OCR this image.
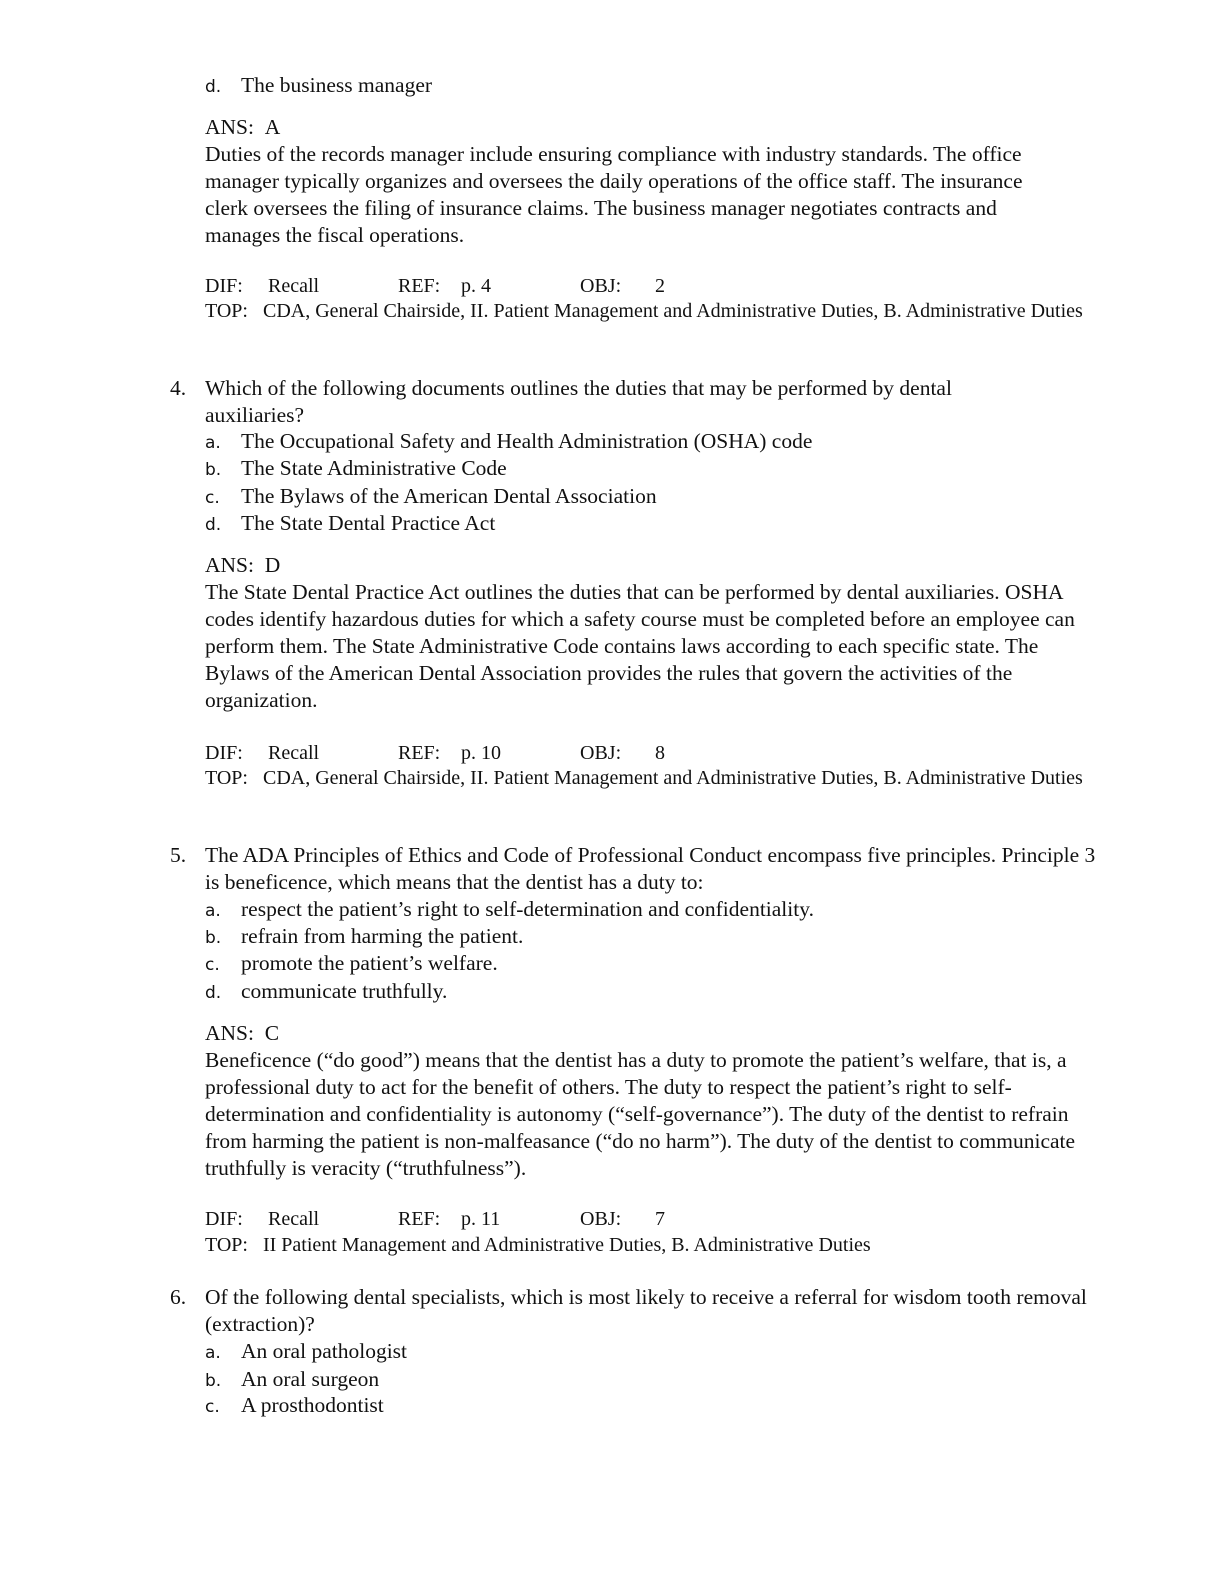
d. The business manager
ANS: A
Duties of the records manager include ensuring compliance with industry standards. The office manager typically organizes and oversees the daily operations of the office staff. The insurance clerk oversees the filing of insurance claims. The business manager negotiates contracts and manages the fiscal operations.
DIF: Recall	REF: p. 4	OBJ: 2
TOP:   CDA, General Chairside, II. Patient Management and Administrative Duties, B. Administrative Duties
4. Which of the following documents outlines the duties that may be performed by dental auxiliaries?
a. The Occupational Safety and Health Administration (OSHA) code
b. The State Administrative Code
c. The Bylaws of the American Dental Association
d. The State Dental Practice Act
ANS: D
The State Dental Practice Act outlines the duties that can be performed by dental auxiliaries. OSHA codes identify hazardous duties for which a safety course must be completed before an employee can perform them. The State Administrative Code contains laws according to each specific state. The Bylaws of the American Dental Association provides the rules that govern the activities of the organization.
DIF: Recall	REF: p. 10	OBJ: 8
TOP:   CDA, General Chairside, II. Patient Management and Administrative Duties, B. Administrative Duties
5. The ADA Principles of Ethics and Code of Professional Conduct encompass five principles. Principle 3 is beneficence, which means that the dentist has a duty to:
a. respect the patient’s right to self-determination and confidentiality.
b. refrain from harming the patient.
c. promote the patient’s welfare.
d. communicate truthfully.
ANS: C
Beneficence (“do good”) means that the dentist has a duty to promote the patient’s welfare, that is, a professional duty to act for the benefit of others. The duty to respect the patient’s right to self-determination and confidentiality is autonomy (“self-governance”). The duty of the dentist to refrain from harming the patient is non-malfeasance (“do no harm”). The duty of the dentist to communicate truthfully is veracity (“truthfulness”).
DIF: Recall	REF: p. 11	OBJ: 7
TOP:   II Patient Management and Administrative Duties, B. Administrative Duties
6. Of the following dental specialists, which is most likely to receive a referral for wisdom tooth removal (extraction)?
a. An oral pathologist
b. An oral surgeon
c. A prosthodontist
